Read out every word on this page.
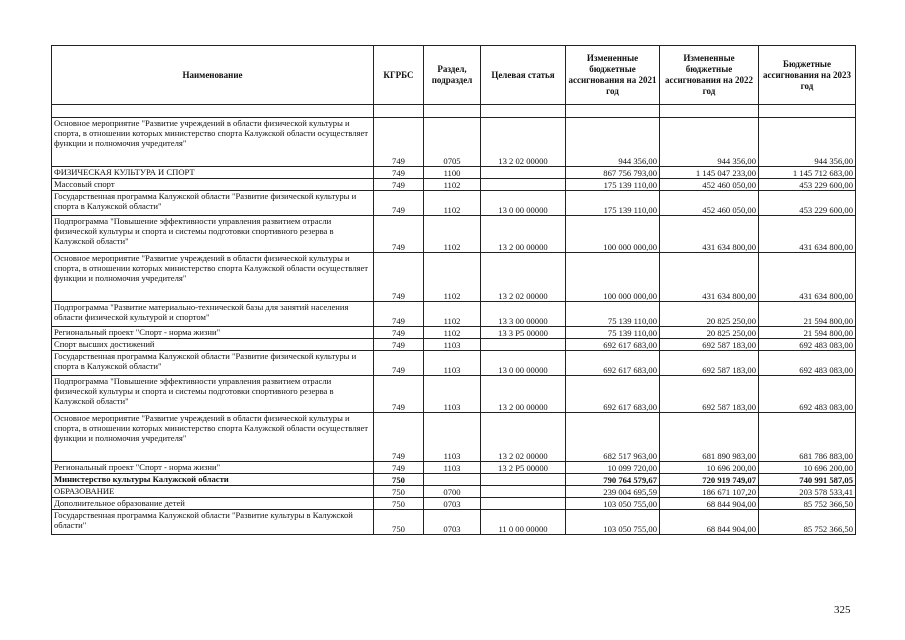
Наименование	КГРБС	Раздел, подраздел	Целевая статья	Измененные бюджетные ассигнования на 2021 год	Измененные бюджетные ассигнования на 2022 год	Бюджетные ассигнования на 2023 год

Основное мероприятие "Развитие учреждений в области физической культуры и спорта, в отношении которых министерство спорта Калужской области осуществляет функции и полномочия учредителя"	749	0705	13 2 02 00000	944 356,00	944 356,00	944 356,00
ФИЗИЧЕСКАЯ КУЛЬТУРА И СПОРТ	749	1100		867 756 793,00	1 145 047 233,00	1 145 712 683,00
Массовый спорт	749	1102		175 139 110,00	452 460 050,00	453 229 600,00
Государственная программа Калужской области "Развитие физической культуры и спорта в Калужской области"	749	1102	13 0 00 00000	175 139 110,00	452 460 050,00	453 229 600,00
Подпрограмма "Повышение эффективности управления развитием отрасли физической культуры и спорта и системы подготовки спортивного резерва в Калужской области"	749	1102	13 2 00 00000	100 000 000,00	431 634 800,00	431 634 800,00
Основное мероприятие "Развитие учреждений в области физической культуры и спорта, в отношении которых министерство спорта Калужской области осуществляет функции и полномочия учредителя"	749	1102	13 2 02 00000	100 000 000,00	431 634 800,00	431 634 800,00
Подпрограмма "Развитие материально-технической базы для занятий населения области физической культурой и спортом"	749	1102	13 3 00 00000	75 139 110,00	20 825 250,00	21 594 800,00
Региональный проект "Спорт - норма жизни"	749	1102	13 3 P5 00000	75 139 110,00	20 825 250,00	21 594 800,00
Спорт высших достижений	749	1103		692 617 683,00	692 587 183,00	692 483 083,00
Государственная программа Калужской области "Развитие физической культуры и спорта в Калужской области"	749	1103	13 0 00 00000	692 617 683,00	692 587 183,00	692 483 083,00
Подпрограмма "Повышение эффективности управления развитием отрасли физической культуры и спорта и системы подготовки спортивного резерва в Калужской области"	749	1103	13 2 00 00000	692 617 683,00	692 587 183,00	692 483 083,00
Основное мероприятие "Развитие учреждений в области физической культуры и спорта, в отношении которых министерство спорта Калужской области осуществляет функции и полномочия учредителя"	749	1103	13 2 02 00000	682 517 963,00	681 890 983,00	681 786 883,00
Региональный проект "Спорт - норма жизни"	749	1103	13 2 P5 00000	10 099 720,00	10 696 200,00	10 696 200,00
Министерство культуры Калужской области	750			790 764 579,67	720 919 749,07	740 991 587,05
ОБРАЗОВАНИЕ	750	0700		239 004 695,59	186 671 107,20	203 578 533,41
Дополнительное образование детей	750	0703		103 050 755,00	68 844 904,00	85 752 366,50
Государственная программа Калужской области "Развитие культуры в Калужской области"	750	0703	11 0 00 00000	103 050 755,00	68 844 904,00	85 752 366,50
325
